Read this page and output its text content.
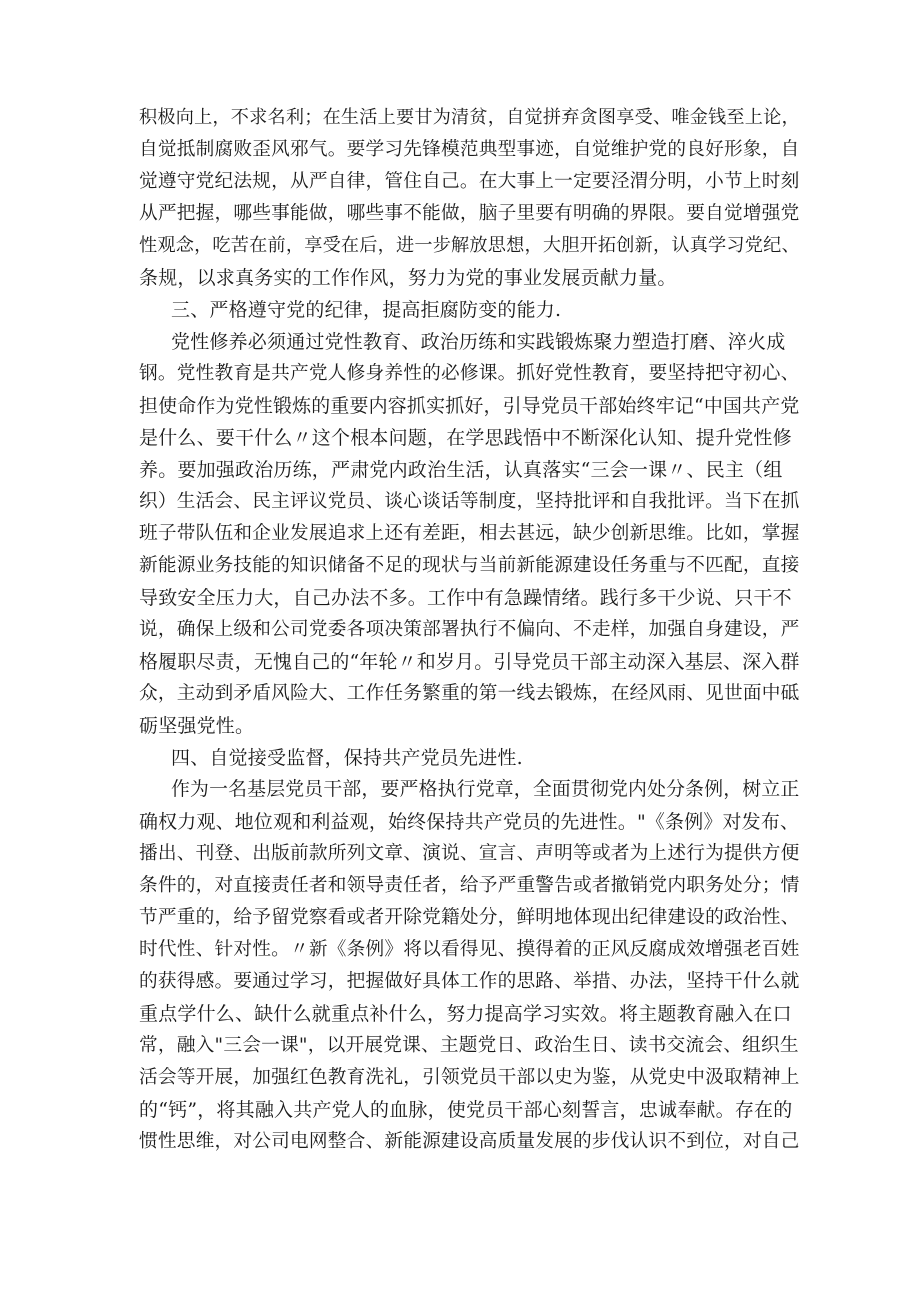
积极向上，不求名利；在生活上要甘为清贫，自觉拼弃贪图享受、唯金钱至上论，
自觉抵制腐败歪风邪气。要学习先锋模范典型事迹，自觉维护党的良好形象，自
觉遵守党纪法规，从严自律，管住自己。在大事上一定要泾渭分明，小节上时刻
从严把握，哪些事能做，哪些事不能做，脑子里要有明确的界限。要自觉增强党
性观念，吃苦在前，享受在后，进一步解放思想，大胆开拓创新，认真学习党纪、
条规，以求真务实的工作作风，努力为党的事业发展贡献力量。
三、严格遵守党的纪律，提高拒腐防变的能力.
党性修养必须通过党性教育、政治历练和实践锻炼聚力塑造打磨、淬火成
钢。党性教育是共产党人修身养性的必修课。抓好党性教育，要坚持把守初心、
担使命作为党性锻炼的重要内容抓实抓好，引导党员干部始终牢记“中国共产党
是什么、要干什么〃这个根本问题，在学思践悟中不断深化认知、提升党性修
养。要加强政治历练，严肃党内政治生活，认真落实“三会一课〃、民主（组
织）生活会、民主评议党员、谈心谈话等制度，坚持批评和自我批评。当下在抓
班子带队伍和企业发展追求上还有差距，相去甚远，缺少创新思维。比如，掌握
新能源业务技能的知识储备不足的现状与当前新能源建设任务重与不匹配，直接
导致安全压力大，自己办法不多。工作中有急躁情绪。践行多干少说、只干不
说，确保上级和公司党委各项决策部署执行不偏向、不走样，加强自身建设，严
格履职尽责，无愧自己的“年轮〃和岁月。引导党员干部主动深入基层、深入群
众，主动到矛盾风险大、工作任务繁重的第一线去锻炼，在经风雨、见世面中砥
砺坚强党性。
四、自觉接受监督，保持共产党员先进性.
作为一名基层党员干部，要严格执行党章，全面贯彻党内处分条例，树立正
确权力观、地位观和利益观，始终保持共产党员的先进性。"《条例》对发布、
播出、刊登、出版前款所列文章、演说、宣言、声明等或者为上述行为提供方便
条件的，对直接责任者和领导责任者，给予严重警告或者撤销党内职务处分；情
节严重的，给予留党察看或者开除党籍处分，鲜明地体现出纪律建设的政治性、
时代性、针对性。〃新《条例》将以看得见、摸得着的正风反腐成效增强老百姓
的获得感。要通过学习，把握做好具体工作的思路、举措、办法，坚持干什么就
重点学什么、缺什么就重点补什么，努力提高学习实效。将主题教育融入在口
常，融入"三会一课"，以开展党课、主题党日、政治生日、读书交流会、组织生
活会等开展，加强红色教育洗礼，引领党员干部以史为鉴，从党史中汲取精神上
的“钙”，将其融入共产党人的血脉，使党员干部心刻誓言，忠诚奉献。存在的
惯性思维，对公司电网整合、新能源建设高质量发展的步伐认识不到位，对自己
